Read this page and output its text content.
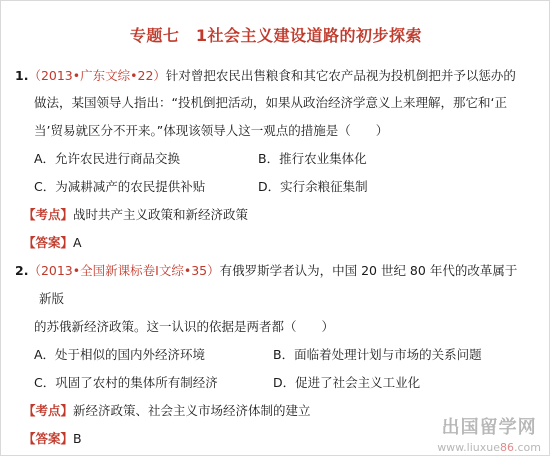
专题七　1社会主义建设道路的初步探索
1.（2013•广东文综•22）针对曾把农民出售粮食和其它农产品视为投机倒把并予以惩办的
做法，某国领导人指出：“投机倒把活动，如果从政治经济学意义上来理解，那它和‘正
当’贸易就区分不开来。”体现该领导人这一观点的措施是（　　）
A．允许农民进行商品交换	B．推行农业集体化
C．为减耕减产的农民提供补贴	D．实行余粮征集制
【考点】战时共产主义政策和新经济政策
【答案】A
2.（2013•全国新课标卷Ⅰ文综•35）有俄罗斯学者认为，中国 20 世纪 80 年代的改革属于
新版
的苏俄新经济政策。这一认识的依据是两者都（　　）
A．处于相似的国内外经济环境	B．面临着处理计划与市场的关系问题
C．巩固了农村的集体所有制经济	D．促进了社会主义工业化
【考点】新经济政策、社会主义市场经济体制的建立
【答案】B
出国留学网
www.liuxue86.com
